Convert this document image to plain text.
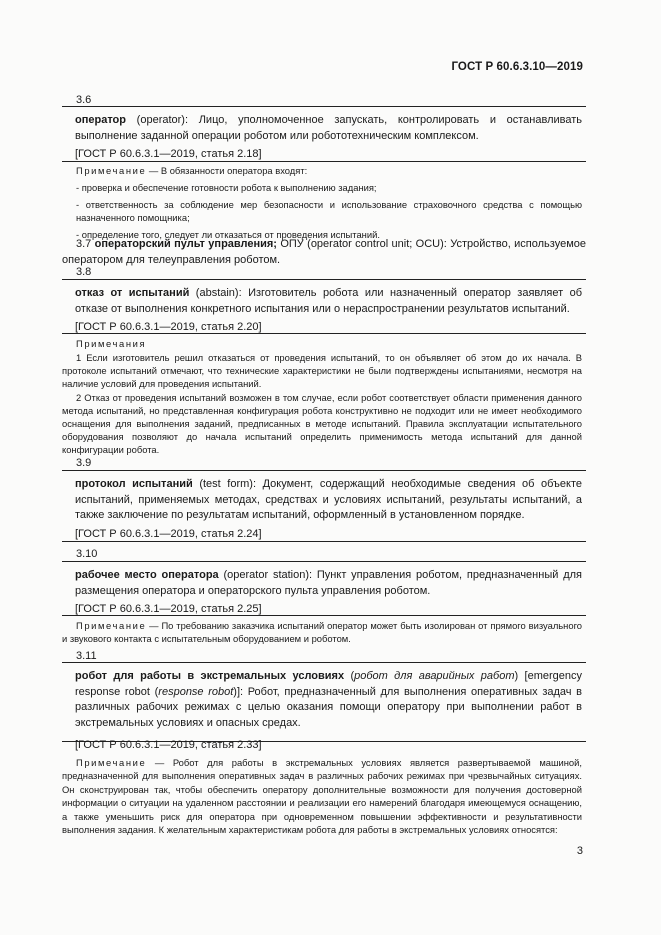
ГОСТ Р 60.6.3.10—2019
3.6
оператор (operator): Лицо, уполномоченное запускать, контролировать и останавливать выполнение заданной операции роботом или робототехническим комплексом.
[ГОСТ Р 60.6.3.1—2019, статья 2.18]
Примечание — В обязанности оператора входят:
- проверка и обеспечение готовности робота к выполнению задания;
- ответственность за соблюдение мер безопасности и использование страховочного средства с помощью назначенного помощника;
- определение того, следует ли отказаться от проведения испытаний.
3.7 операторский пульт управления; ОПУ (operator control unit; OCU): Устройство, используемое оператором для телеуправления роботом.
3.8
отказ от испытаний (abstain): Изготовитель робота или назначенный оператор заявляет об отказе от выполнения конкретного испытания или о нераспространении результатов испытаний.
[ГОСТ Р 60.6.3.1—2019, статья 2.20]
Примечания
1 Если изготовитель решил отказаться от проведения испытаний, то он объявляет об этом до их начала. В протоколе испытаний отмечают, что технические характеристики не были подтверждены испытаниями, несмотря на наличие условий для проведения испытаний.
2 Отказ от проведения испытаний возможен в том случае, если робот соответствует области применения данного метода испытаний, но представленная конфигурация робота конструктивно не подходит или не имеет необходимого оснащения для выполнения заданий, предписанных в методе испытаний. Правила эксплуатации испытательного оборудования позволяют до начала испытаний определить применимость метода испытаний для данной конфигурации робота.
3.9
протокол испытаний (test form): Документ, содержащий необходимые сведения об объекте испытаний, применяемых методах, средствах и условиях испытаний, результаты испытаний, а также заключение по результатам испытаний, оформленный в установленном порядке.
[ГОСТ Р 60.6.3.1—2019, статья 2.24]
3.10
рабочее место оператора (operator station): Пункт управления роботом, предназначенный для размещения оператора и операторского пульта управления роботом.
[ГОСТ Р 60.6.3.1—2019, статья 2.25]
Примечание — По требованию заказчика испытаний оператор может быть изолирован от прямого визуального и звукового контакта с испытательным оборудованием и роботом.
3.11
робот для работы в экстремальных условиях (робот для аварийных работ) [emergency response robot (response robot)]: Робот, предназначенный для выполнения оперативных задач в различных рабочих режимах с целью оказания помощи оператору при выполнении работ в экстремальных условиях и опасных средах.
[ГОСТ Р 60.6.3.1—2019, статья 2.33]
Примечание — Робот для работы в экстремальных условиях является развертываемой машиной, предназначенной для выполнения оперативных задач в различных рабочих режимах при чрезвычайных ситуациях. Он сконструирован так, чтобы обеспечить оператору дополнительные возможности для получения достоверной информации о ситуации на удаленном расстоянии и реализации его намерений благодаря имеющемуся оснащению, а также уменьшить риск для оператора при одновременном повышении эффективности и результативности выполнения задания. К желательным характеристикам робота для работы в экстремальных условиях относятся:
3
